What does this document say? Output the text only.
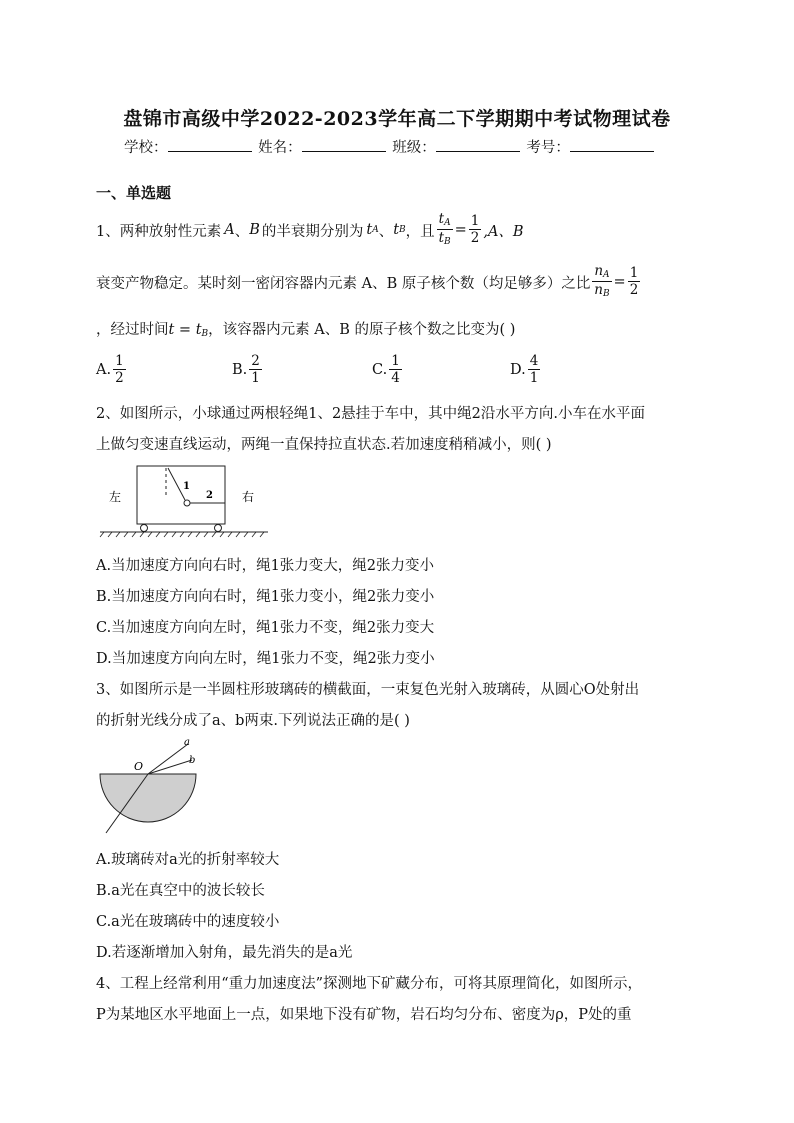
盘锦市高级中学2022-2023学年高二下学期期中考试物理试卷
学校：	姓名：	班级：	考号：
一、单选题
1、两种放射性元素 A 、 B 的半衰期分别为 t A 、 t B ，且 $\frac{t_A}{t_B} = \frac{1}{2} ,A$、B
衰变产物稳定。某时刻一密闭容器内元素 A、B 原子核个数（均足够多）之比 $\frac{n_A}{n_B} = \frac{1}{2}$
，经过时间$t = t_B$，该容器内元素 A、B 的原子核个数之比变为( )
A. $\frac{1}{2}$	B. $\frac{2}{1}$	C. $\frac{1}{4}$	D. $\frac{4}{1}$
2、如图所示，小球通过两根轻绳1、2悬挂于车中，其中绳2沿水平方向.小车在水平面
上做匀变速直线运动，两绳一直保持拉直状态.若加速度稍稍减小，则( )
左	右
1
2
A.当加速度方向向右时，绳1张力变大，绳2张力变小
B.当加速度方向向右时，绳1张力变小，绳2张力变小
C.当加速度方向向左时，绳1张力不变，绳2张力变大
D.当加速度方向向左时，绳1张力不变，绳2张力变小
3、如图所示是一半圆柱形玻璃砖的横截面，一束复色光射入玻璃砖，从圆心O处射出
的折射光线分成了a、b两束.下列说法正确的是( )
O
a
b
A.玻璃砖对a光的折射率较大
B.a光在真空中的波长较长
C.a光在玻璃砖中的速度较小
D.若逐渐增加入射角，最先消失的是a光
4、工程上经常利用“重力加速度法”探测地下矿藏分布，可将其原理简化，如图所示，
P为某地区水平地面上一点，如果地下没有矿物，岩石均匀分布、密度为ρ，P处的重
